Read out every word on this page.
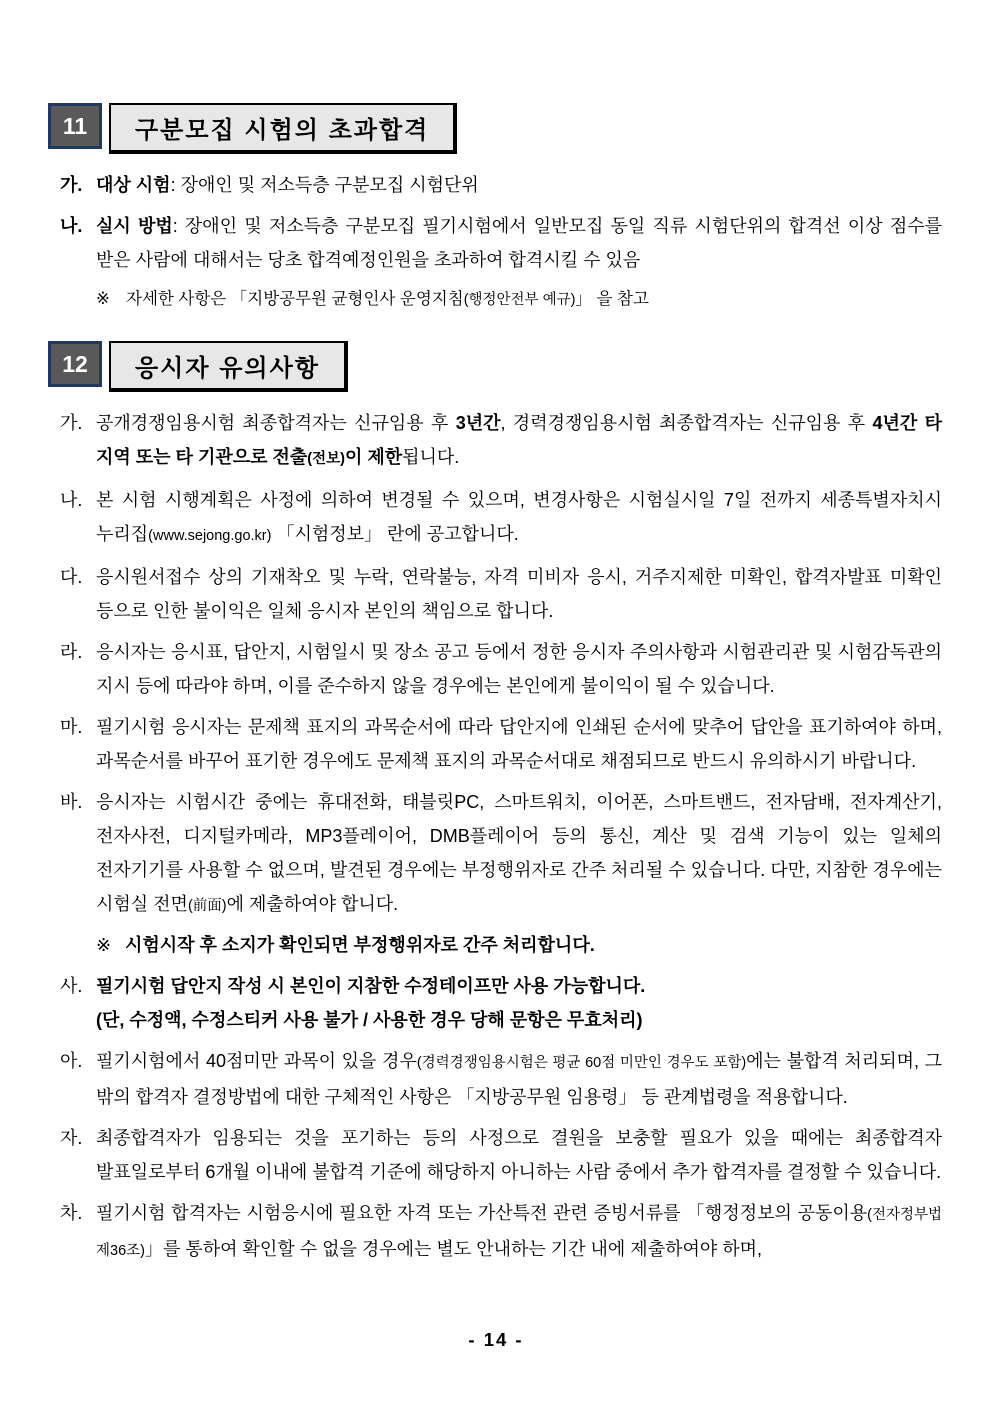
11	구분모집 시험의 초과합격
가. 대상 시험: 장애인 및 저소득층 구분모집 시험단위
나. 실시 방법: 장애인 및 저소득층 구분모집 필기시험에서 일반모집 동일 직류 시험단위의 합격선 이상 점수를 받은 사람에 대해서는 당초 합격예정인원을 초과하여 합격시킬 수 있음
※ 자세한 사항은 「지방공무원 균형인사 운영지침(행정안전부 예규)」 을 참고
12	응시자 유의사항
가. 공개경쟁임용시험 최종합격자는 신규임용 후 3년간, 경력경쟁임용시험 최종합격자는 신규임용 후 4년간 타 지역 또는 타 기관으로 전출(전보)이 제한됩니다.
나. 본 시험 시행계획은 사정에 의하여 변경될 수 있으며, 변경사항은 시험실시일 7일 전까지 세종특별자치시 누리집(www.sejong.go.kr) 「시험정보」 란에 공고합니다.
다. 응시원서접수 상의 기재착오 및 누락, 연락불능, 자격 미비자 응시, 거주지제한 미확인, 합격자발표 미확인 등으로 인한 불이익은 일체 응시자 본인의 책임으로 합니다.
라. 응시자는 응시표, 답안지, 시험일시 및 장소 공고 등에서 정한 응시자 주의사항과 시험관리관 및 시험감독관의 지시 등에 따라야 하며, 이를 준수하지 않을 경우에는 본인에게 불이익이 될 수 있습니다.
마. 필기시험 응시자는 문제책 표지의 과목순서에 따라 답안지에 인쇄된 순서에 맞추어 답안을 표기하여야 하며, 과목순서를 바꾸어 표기한 경우에도 문제책 표지의 과목순서대로 채점되므로 반드시 유의하시기 바랍니다.
바. 응시자는 시험시간 중에는 휴대전화, 태블릿PC, 스마트워치, 이어폰, 스마트밴드, 전자담배, 전자계산기, 전자사전, 디지털카메라, MP3플레이어, DMB플레이어 등의 통신, 계산 및 검색 기능이 있는 일체의 전자기기를 사용할 수 없으며, 발견된 경우에는 부정행위자로 간주 처리될 수 있습니다. 다만, 지참한 경우에는 시험실 전면(前面)에 제출하여야 합니다.
※ 시험시작 후 소지가 확인되면 부정행위자로 간주 처리합니다.
사. 필기시험 답안지 작성 시 본인이 지참한 수정테이프만 사용 가능합니다.
(단, 수정액, 수정스티커 사용 불가 / 사용한 경우 당해 문항은 무효처리)
아. 필기시험에서 40점미만 과목이 있을 경우(경력경쟁임용시험은 평균 60점 미만인 경우도 포함)에는 불합격 처리되며, 그 밖의 합격자 결정방법에 대한 구체적인 사항은 「지방공무원 임용령」 등 관계법령을 적용합니다.
자. 최종합격자가 임용되는 것을 포기하는 등의 사정으로 결원을 보충할 필요가 있을 때에는 최종합격자 발표일로부터 6개월 이내에 불합격 기준에 해당하지 아니하는 사람 중에서 추가 합격자를 결정할 수 있습니다.
차. 필기시험 합격자는 시험응시에 필요한 자격 또는 가산특전 관련 증빙서류를 「행정정보의 공동이용(전자정부법 제36조)」를 통하여 확인할 수 없을 경우에는 별도 안내하는 기간 내에 제출하여야 하며,
- 14 -
